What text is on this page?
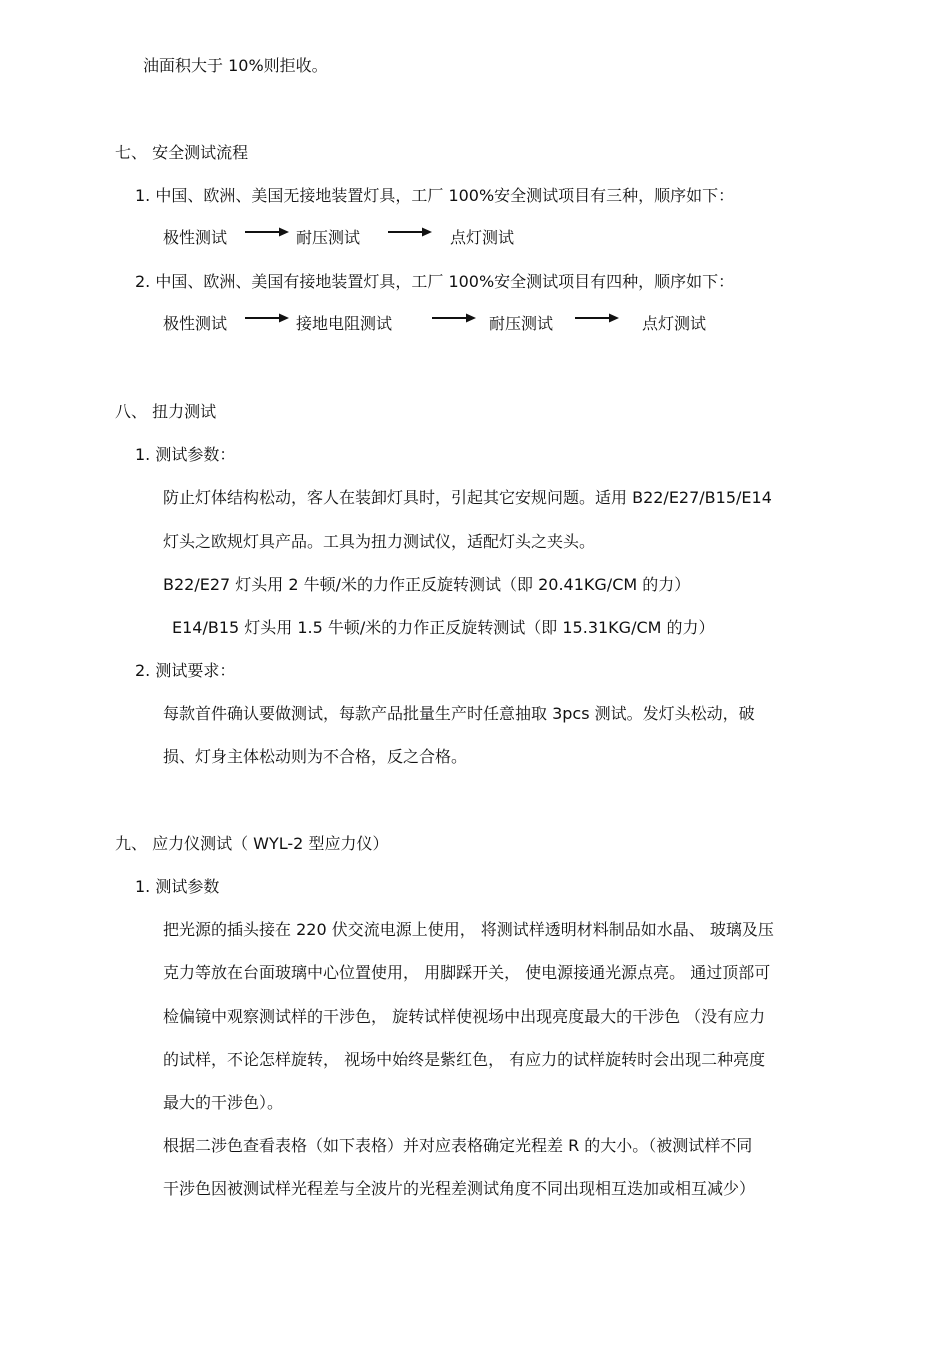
油面积大于 10%则拒收。
七、 安全测试流程
1. 中国、欧洲、美国无接地装置灯具，工厂 100%安全测试项目有三种，顺序如下：
极性测试	耐压测试	点灯测试
2. 中国、欧洲、美国有接地装置灯具，工厂 100%安全测试项目有四种，顺序如下：
极性测试	接地电阻测试	耐压测试	点灯测试
八、 扭力测试
1. 测试参数：
防止灯体结构松动，客人在装卸灯具时，引起其它安规问题。适用 B22/E27/B15/E14
灯头之欧规灯具产品。工具为扭力测试仪，适配灯头之夹头。
B22/E27 灯头用 2 牛顿/米的力作正反旋转测试（即 20.41KG/CM 的力）
E14/B15 灯头用 1.5 牛顿/米的力作正反旋转测试（即 15.31KG/CM 的力）
2. 测试要求：
每款首件确认要做测试，每款产品批量生产时任意抽取 3pcs 测试。发灯头松动，破
损、灯身主体松动则为不合格，反之合格。
九、 应力仪测试（ WYL-2 型应力仪）
1. 测试参数
把光源的插头接在 220 伏交流电源上使用， 将测试样透明材料制品如水晶、 玻璃及压
克力等放在台面玻璃中心位置使用， 用脚踩开关， 使电源接通光源点亮。 通过顶部可
检偏镜中观察测试样的干涉色， 旋转试样使视场中出现亮度最大的干涉色 （没有应力
的试样，不论怎样旋转， 视场中始终是紫红色， 有应力的试样旋转时会出现二种亮度
最大的干涉色）。
根据二涉色查看表格（如下表格）并对应表格确定光程差 R 的大小。（被测试样不同
干涉色因被测试样光程差与全波片的光程差测试角度不同出现相互迭加或相互减少）
